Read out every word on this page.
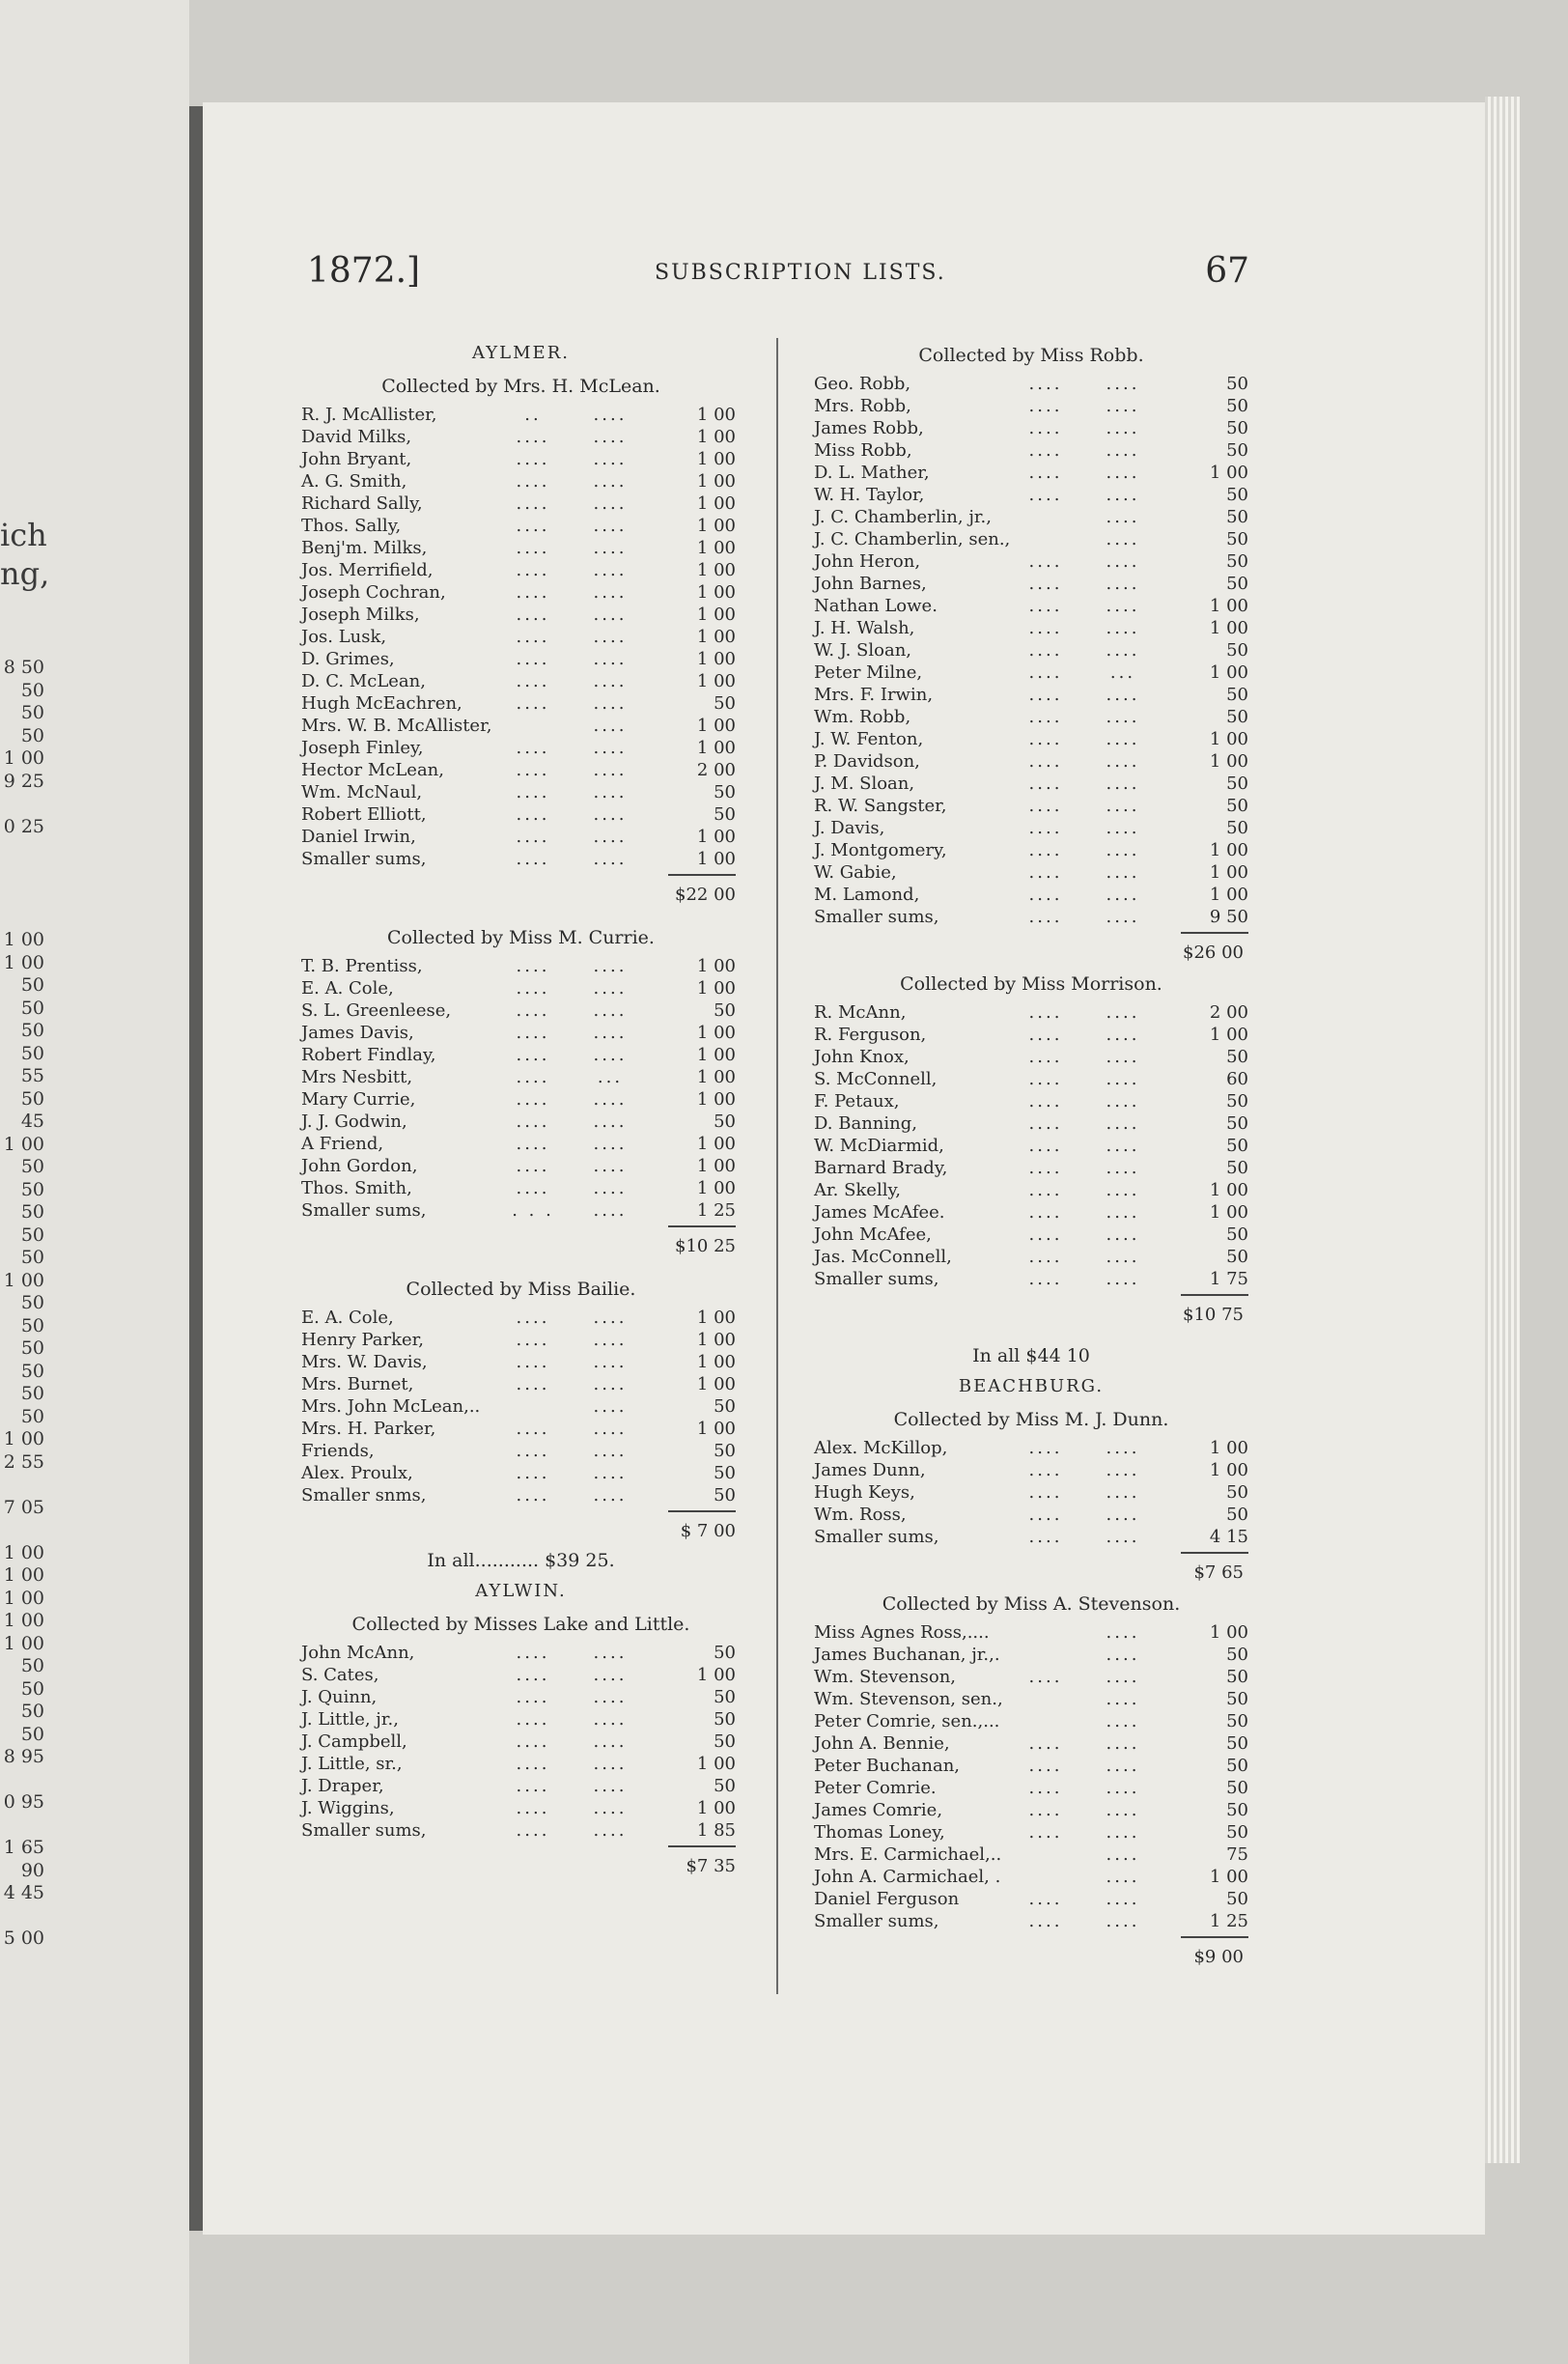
ich
ng,
8 50
50
50
50
1 00
9 25
0 25
1 00
1 00
50
50
50
50
55
50
45
1 00
50
50
50
50
50
1 00
50
50
50
50
50
50
1 00
2 55
7 05
1 00
1 00
1 00
1 00
1 00
50
50
50
50
8 95
0 95
1 65
90
4 45
5 00
1872.]	SUBSCRIPTION LISTS.	67
AYLMER.
Collected by Mrs. H. McLean.
R. J. McAllister,	..	....	1 00
David Milks,	....	....	1 00
John Bryant,	....	....	1 00
A. G. Smith,	....	....	1 00
Richard Sally,	....	....	1 00
Thos. Sally,	....	....	1 00
Benj'm. Milks,	....	....	1 00
Jos. Merrifield,	....	....	1 00
Joseph Cochran,	....	....	1 00
Joseph Milks,	....	....	1 00
Jos. Lusk,	....	....	1 00
D. Grimes,	....	....	1 00
D. C. McLean,	....	....	1 00
Hugh McEachren,	....	....	50
Mrs. W. B. McAllister,	....	1 00
Joseph Finley,	....	....	1 00
Hector McLean,	....	....	2 00
Wm. McNaul,	....	....	50
Robert Elliott,	....	....	50
Daniel Irwin,	....	....	1 00
Smaller sums,	....	....	1 00
$22 00
Collected by Miss M. Currie.
T. B. Prentiss,	....	....	1 00
E. A. Cole,	....	....	1 00
S. L. Greenleese,	....	....	50
James Davis,	....	....	1 00
Robert Findlay,	....	....	1 00
Mrs Nesbitt,	....	...	1 00
Mary Currie,	....	....	1 00
J. J. Godwin,	....	....	50
A Friend,	....	....	1 00
John Gordon,	....	....	1 00
Thos. Smith,	....	....	1 00
Smaller sums,	. . .	....	1 25
$10 25
Collected by Miss Bailie.
E. A. Cole,	....	....	1 00
Henry Parker,	....	....	1 00
Mrs. W. Davis,	....	....	1 00
Mrs. Burnet,	....	....	1 00
Mrs. John McLean,..	....	50
Mrs. H. Parker,	....	....	1 00
Friends,	....	....	50
Alex. Proulx,	....	....	50
Smaller snms,	....	....	50
$ 7 00
In all........... $39 25.
AYLWIN.
Collected by Misses Lake and Little.
John McAnn,	....	....	50
S. Cates,	....	....	1 00
J. Quinn,	....	....	50
J. Little, jr.,	....	....	50
J. Campbell,	....	....	50
J. Little, sr.,	....	....	1 00
J. Draper,	....	....	50
J. Wiggins,	....	....	1 00
Smaller sums,	....	....	1 85
$7 35
Collected by Miss Robb.
Geo. Robb,	....	....	50
Mrs. Robb,	....	....	50
James Robb,	....	....	50
Miss Robb,	....	....	50
D. L. Mather,	....	....	1 00
W. H. Taylor,	....	....	50
J. C. Chamberlin, jr.,	....	50
J. C. Chamberlin, sen.,	....	50
John Heron,	....	....	50
John Barnes,	....	....	50
Nathan Lowe.	....	....	1 00
J. H. Walsh,	....	....	1 00
W. J. Sloan,	....	....	50
Peter Milne,	....	...	1 00
Mrs. F. Irwin,	....	....	50
Wm. Robb,	....	....	50
J. W. Fenton,	....	....	1 00
P. Davidson,	....	....	1 00
J. M. Sloan,	....	....	50
R. W. Sangster,	....	....	50
J. Davis,	....	....	50
J. Montgomery,	....	....	1 00
W. Gabie,	....	....	1 00
M. Lamond,	....	....	1 00
Smaller sums,	....	....	9 50
$26 00
Collected by Miss Morrison.
R. McAnn,	....	....	2 00
R. Ferguson,	....	....	1 00
John Knox,	....	....	50
S. McConnell,	....	....	60
F. Petaux,	....	....	50
D. Banning,	....	....	50
W. McDiarmid,	....	....	50
Barnard Brady,	....	....	50
Ar. Skelly,	....	....	1 00
James McAfee.	....	....	1 00
John McAfee,	....	....	50
Jas. McConnell,	....	....	50
Smaller sums,	....	....	1 75
$10 75
In all $44 10
BEACHBURG.
Collected by Miss M. J. Dunn.
Alex. McKillop,	....	....	1 00
James Dunn,	....	....	1 00
Hugh Keys,	....	....	50
Wm. Ross,	....	....	50
Smaller sums,	....	....	4 15
$7 65
Collected by Miss A. Stevenson.
Miss Agnes Ross,....	....	1 00
James Buchanan, jr.,.	....	50
Wm. Stevenson,	....	....	50
Wm. Stevenson, sen.,	....	50
Peter Comrie, sen.,...	....	50
John A. Bennie,	....	....	50
Peter Buchanan,	....	....	50
Peter Comrie.	....	....	50
James Comrie,	....	....	50
Thomas Loney,	....	....	50
Mrs. E. Carmichael,..	....	75
John A. Carmichael, .	....	1 00
Daniel Ferguson	....	....	50
Smaller sums,	....	....	1 25
$9 00
